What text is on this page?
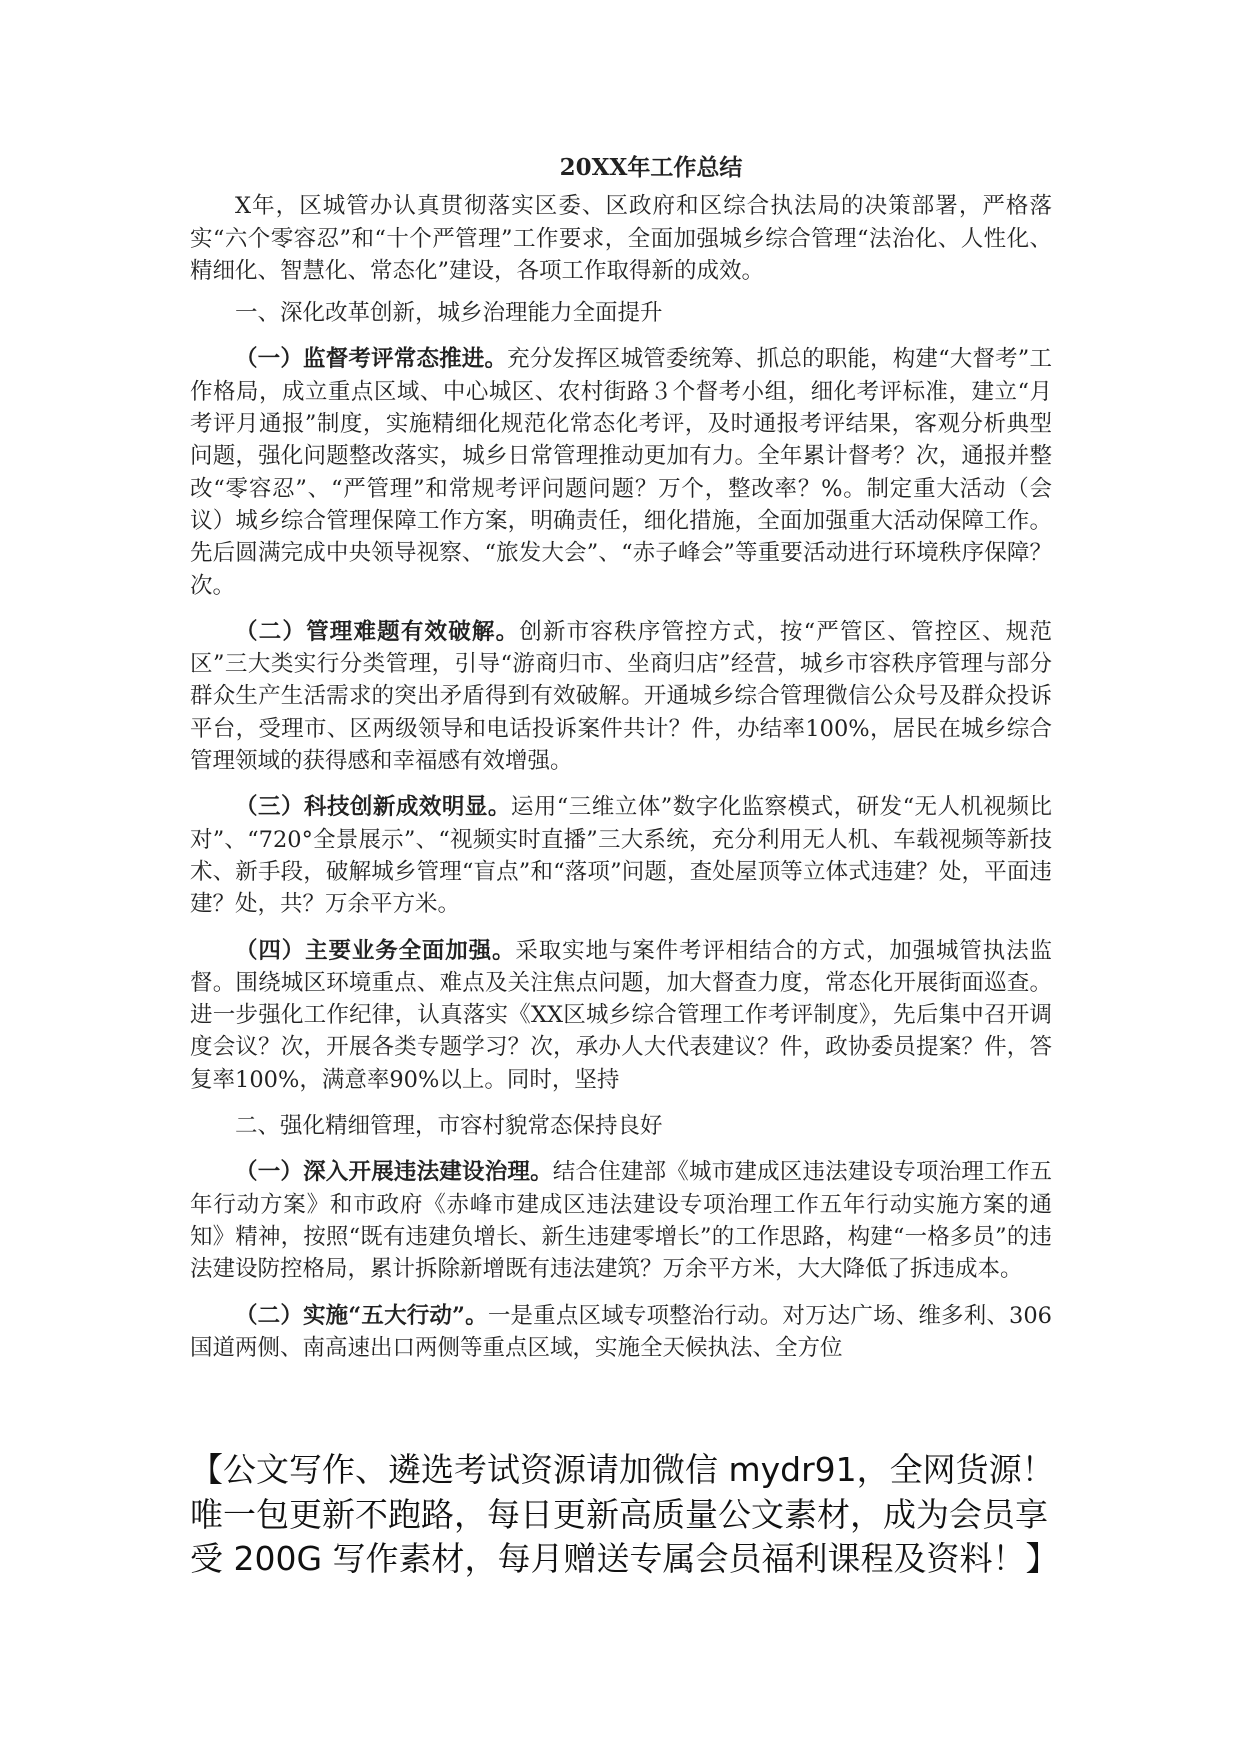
20XX年工作总结

X年，区城管办认真贯彻落实区委、区政府和区综合执法局的决策部署，严格落实“六个零容忍”和“十个严管理”工作要求，全面加强城乡综合管理“法治化、人性化、精细化、智慧化、常态化”建设，各项工作取得新的成效。

一、深化改革创新，城乡治理能力全面提升

（一）监督考评常态推进。充分发挥区城管委统筹、抓总的职能，构建“大督考”工作格局，成立重点区域、中心城区、农村街路３个督考小组，细化考评标准，建立“月考评月通报”制度，实施精细化规范化常态化考评，及时通报考评结果，客观分析典型问题，强化问题整改落实，城乡日常管理推动更加有力。全年累计督考？次，通报并整改“零容忍”、“严管理”和常规考评问题问题？万个，整改率？%。制定重大活动（会议）城乡综合管理保障工作方案，明确责任，细化措施，全面加强重大活动保障工作。先后圆满完成中央领导视察、“旅发大会”、“赤子峰会”等重要活动进行环境秩序保障？次。

（二）管理难题有效破解。创新市容秩序管控方式，按“严管区、管控区、规范区”三大类实行分类管理，引导“游商归市、坐商归店”经营，城乡市容秩序管理与部分群众生产生活需求的突出矛盾得到有效破解。开通城乡综合管理微信公众号及群众投诉平台，受理市、区两级领导和电话投诉案件共计？件，办结率100%，居民在城乡综合管理领域的获得感和幸福感有效增强。

（三）科技创新成效明显。运用“三维立体”数字化监察模式，研发“无人机视频比对”、“720°全景展示”、“视频实时直播”三大系统，充分利用无人机、车载视频等新技术、新手段，破解城乡管理“盲点”和“落项”问题，查处屋顶等立体式违建？处，平面违建？处，共？万余平方米。

（四）主要业务全面加强。采取实地与案件考评相结合的方式，加强城管执法监督。围绕城区环境重点、难点及关注焦点问题，加大督查力度，常态化开展街面巡查。进一步强化工作纪律，认真落实《XX区城乡综合管理工作考评制度》，先后集中召开调度会议？次，开展各类专题学习？次，承办人大代表建议？件，政协委员提案？件，答复率100%，满意率90%以上。同时，坚持

二、强化精细管理，市容村貌常态保持良好

（一）深入开展违法建设治理。结合住建部《城市建成区违法建设专项治理工作五年行动方案》和市政府《赤峰市建成区违法建设专项治理工作五年行动实施方案的通知》精神，按照“既有违建负增长、新生违建零增长”的工作思路，构建“一格多员”的违法建设防控格局，累计拆除新增既有违法建筑？万余平方米，大大降低了拆违成本。

（二）实施“五大行动”。一是重点区域专项整治行动。对万达广场、维多利、306国道两侧、南高速出口两侧等重点区域，实施全天候执法、全方位

【公文写作、遴选考试资源请加微信 mydr91，全网货源！唯一包更新不跑路，每日更新高质量公文素材，成为会员享受 200G 写作素材，每月赠送专属会员福利课程及资料！】
